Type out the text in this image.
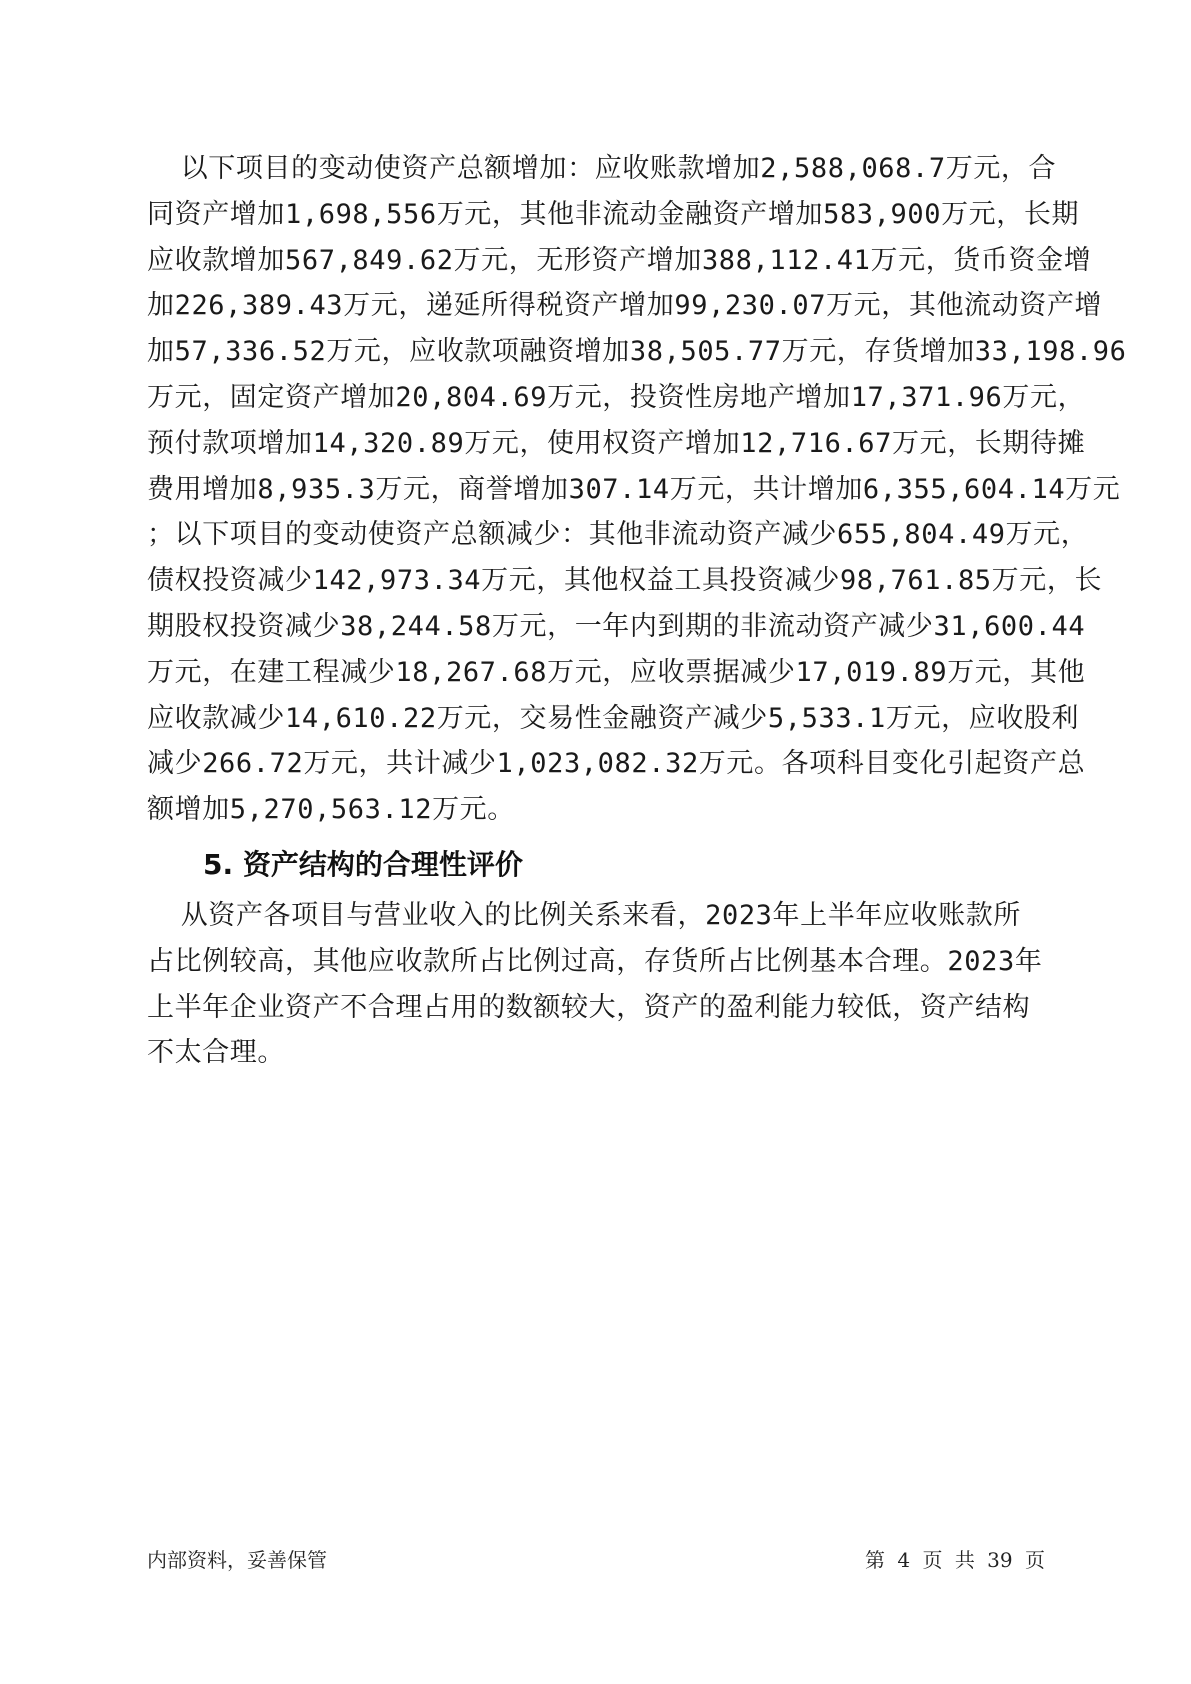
以下项目的变动使资产总额增加：应收账款增加2,588,068.7万元，合
同资产增加1,698,556万元，其他非流动金融资产增加583,900万元，长期
应收款增加567,849.62万元，无形资产增加388,112.41万元，货币资金增
加226,389.43万元，递延所得税资产增加99,230.07万元，其他流动资产增
加57,336.52万元，应收款项融资增加38,505.77万元，存货增加33,198.96
万元，固定资产增加20,804.69万元，投资性房地产增加17,371.96万元，
预付款项增加14,320.89万元，使用权资产增加12,716.67万元，长期待摊
费用增加8,935.3万元，商誉增加307.14万元，共计增加6,355,604.14万元
；以下项目的变动使资产总额减少：其他非流动资产减少655,804.49万元，
债权投资减少142,973.34万元，其他权益工具投资减少98,761.85万元，长
期股权投资减少38,244.58万元，一年内到期的非流动资产减少31,600.44
万元，在建工程减少18,267.68万元，应收票据减少17,019.89万元，其他
应收款减少14,610.22万元，交易性金融资产减少5,533.1万元，应收股利
减少266.72万元，共计减少1,023,082.32万元。各项科目变化引起资产总
额增加5,270,563.12万元。
5. 资产结构的合理性评价
从资产各项目与营业收入的比例关系来看，2023年上半年应收账款所
占比例较高，其他应收款所占比例过高，存货所占比例基本合理。2023年
上半年企业资产不合理占用的数额较大，资产的盈利能力较低，资产结构
不太合理。
内部资料，妥善保管	第 4 页 共 39 页
